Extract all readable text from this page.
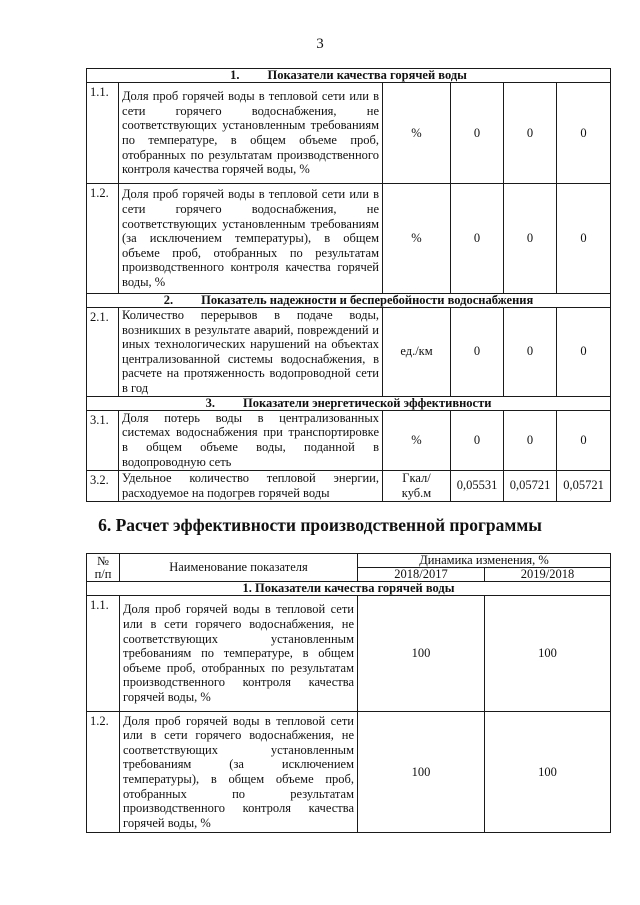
3
1. Показатели качества горячей воды					
1.1.	Доля проб горячей воды в тепловой сети или в сети горячего водоснабжения, не соответствующих установленным требованиям по температуре, в общем объеме проб, отобранных по результатам производственного контроля качества горячей воды, %	%	0	0	0
1.2.	Доля проб горячей воды в тепловой сети или в сети горячего водоснабжения, не соответствующих установленным требованиям (за исключением температуры), в общем объеме проб, отобранных по результатам производственного контроля качества горячей воды, %	%	0	0	0
2. Показатель надежности и бесперебойности водоснабжения					
2.1.	Количество перерывов в подаче воды, возникших в результате аварий, повреждений и иных технологических нарушений на объектах централизованной системы водоснабжения, в расчете на протяженность водопроводной сети в год	ед./км	0	0	0
3. Показатели энергетической эффективности					
3.1.	Доля потерь воды в централизованных системах водоснабжения при транспортировке в общем объеме воды, поданной в водопроводную сеть	%	0	0	0
3.2.	Удельное количество тепловой энергии, расходуемое на подогрев горячей воды	Гкал/
куб.м	0,05531	0,05721	0,05721
6. Расчет эффективности производственной программы
№
п/п	Наименование показателя	Динамика изменения, %	
		2018/2017	2019/2018
1. Показатели качества горячей воды			
1.1.	Доля проб горячей воды в тепловой сети или в сети горячего водоснабжения, не соответствующих установленным требованиям по температуре, в общем объеме проб, отобранных по результатам производственного контроля качества горячей воды, %	100	100
1.2.	Доля проб горячей воды в тепловой сети или в сети горячего водоснабжения, не соответствующих установленным требованиям (за исключением температуры), в общем объеме проб, отобранных по результатам производственного контроля качества горячей воды, %	100	100
